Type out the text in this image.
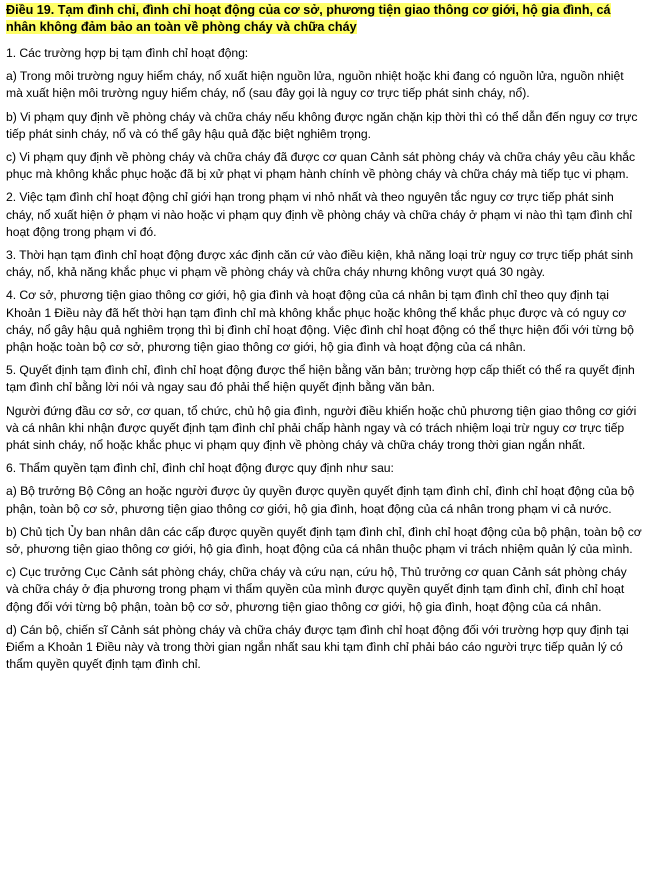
Điều 19. Tạm đình chỉ, đình chỉ hoạt động của cơ sở, phương tiện giao thông cơ giới, hộ gia đình, cá nhân không đảm bảo an toàn về phòng cháy và chữa cháy

1. Các trường hợp bị tạm đình chỉ hoạt động:

a) Trong môi trường nguy hiểm cháy, nổ xuất hiện nguồn lửa, nguồn nhiệt hoặc khi đang có nguồn lửa, nguồn nhiệt mà xuất hiện môi trường nguy hiểm cháy, nổ (sau đây gọi là nguy cơ trực tiếp phát sinh cháy, nổ).

b) Vi phạm quy định về phòng cháy và chữa cháy nếu không được ngăn chặn kịp thời thì có thể dẫn đến nguy cơ trực tiếp phát sinh cháy, nổ và có thể gây hậu quả đặc biệt nghiêm trọng.

c) Vi phạm quy định về phòng cháy và chữa cháy đã được cơ quan Cảnh sát phòng cháy và chữa cháy yêu cầu khắc phục mà không khắc phục hoặc đã bị xử phạt vi phạm hành chính về phòng cháy và chữa cháy mà tiếp tục vi phạm.

2. Việc tạm đình chỉ hoạt động chỉ giới hạn trong phạm vi nhỏ nhất và theo nguyên tắc nguy cơ trực tiếp phát sinh cháy, nổ xuất hiện ở phạm vi nào hoặc vi phạm quy định về phòng cháy và chữa cháy ở phạm vi nào thì tạm đình chỉ hoạt động trong phạm vi đó.

3. Thời hạn tạm đình chỉ hoạt động được xác định căn cứ vào điều kiện, khả năng loại trừ nguy cơ trực tiếp phát sinh cháy, nổ, khả năng khắc phục vi phạm về phòng cháy và chữa cháy nhưng không vượt quá 30 ngày.

4. Cơ sở, phương tiện giao thông cơ giới, hộ gia đình và hoạt động của cá nhân bị tạm đình chỉ theo quy định tại Khoản 1 Điều này đã hết thời hạn tạm đình chỉ mà không khắc phục hoặc không thể khắc phục được và có nguy cơ cháy, nổ gây hậu quả nghiêm trọng thì bị đình chỉ hoạt động. Việc đình chỉ hoạt động có thể thực hiện đối với từng bộ phận hoặc toàn bộ cơ sở, phương tiện giao thông cơ giới, hộ gia đình và hoạt động của cá nhân.

5. Quyết định tạm đình chỉ, đình chỉ hoạt động được thể hiện bằng văn bản; trường hợp cấp thiết có thể ra quyết định tạm đình chỉ bằng lời nói và ngay sau đó phải thể hiện quyết định bằng văn bản.

Người đứng đầu cơ sở, cơ quan, tổ chức, chủ hộ gia đình, người điều khiển hoặc chủ phương tiện giao thông cơ giới và cá nhân khi nhận được quyết định tạm đình chỉ phải chấp hành ngay và có trách nhiệm loại trừ nguy cơ trực tiếp phát sinh cháy, nổ hoặc khắc phục vi phạm quy định về phòng cháy và chữa cháy trong thời gian ngắn nhất.

6. Thẩm quyền tạm đình chỉ, đình chỉ hoạt động được quy định như sau:

a) Bộ trưởng Bộ Công an hoặc người được ủy quyền được quyền quyết định tạm đình chỉ, đình chỉ hoạt động của bộ phận, toàn bộ cơ sở, phương tiện giao thông cơ giới, hộ gia đình, hoạt động của cá nhân trong phạm vi cả nước.

b) Chủ tịch Ủy ban nhân dân các cấp được quyền quyết định tạm đình chỉ, đình chỉ hoạt động của bộ phận, toàn bộ cơ sở, phương tiện giao thông cơ giới, hộ gia đình, hoạt động của cá nhân thuộc phạm vi trách nhiệm quản lý của mình.

c) Cục trưởng Cục Cảnh sát phòng cháy, chữa cháy và cứu nạn, cứu hộ, Thủ trưởng cơ quan Cảnh sát phòng cháy và chữa cháy ở địa phương trong phạm vi thẩm quyền của mình được quyền quyết định tạm đình chỉ, đình chỉ hoạt động đối với từng bộ phận, toàn bộ cơ sở, phương tiện giao thông cơ giới, hộ gia đình, hoạt động của cá nhân.

d) Cán bộ, chiến sĩ Cảnh sát phòng cháy và chữa cháy được tạm đình chỉ hoạt động đối với trường hợp quy định tại Điểm a Khoản 1 Điều này và trong thời gian ngắn nhất sau khi tạm đình chỉ phải báo cáo người trực tiếp quản lý có thẩm quyền quyết định tạm đình chỉ.
